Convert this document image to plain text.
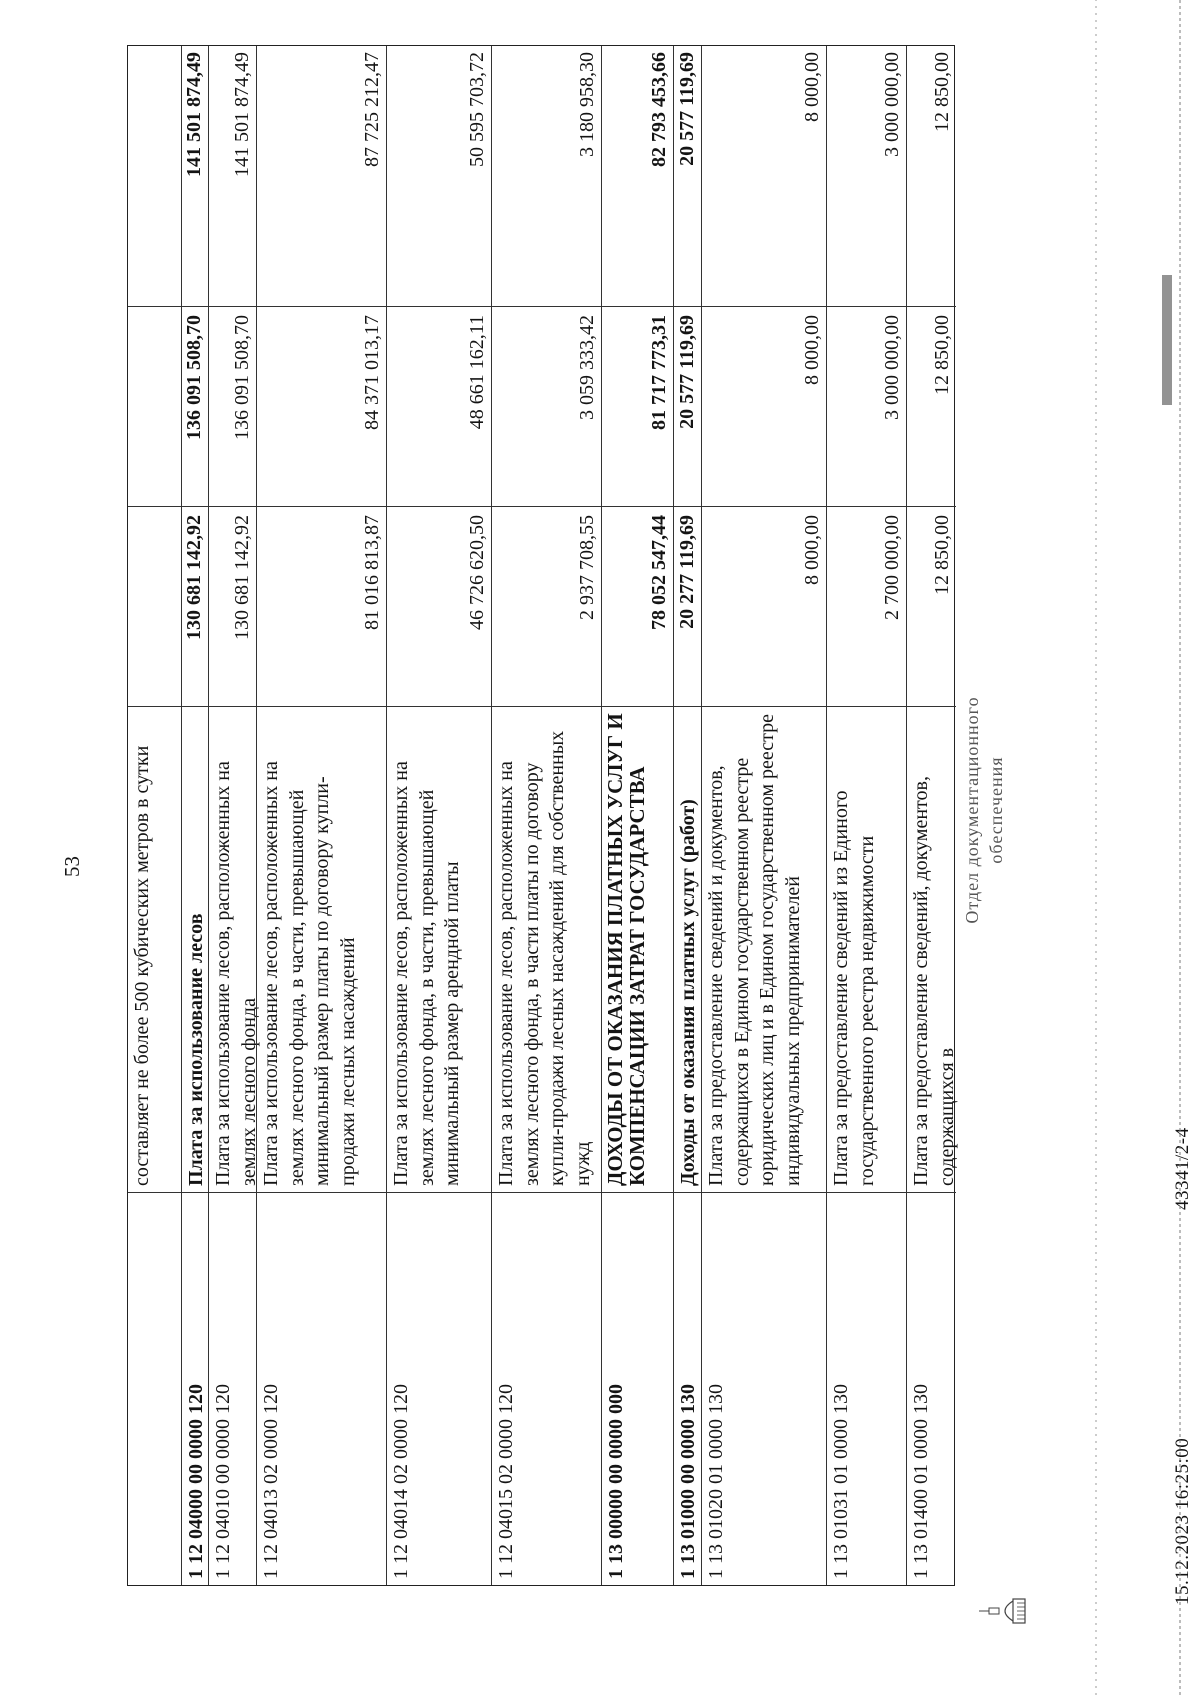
53 составляет не более 500 кубических метров в сутки
1 12 04000 00 0000 120
Плата за использование лесов
130 681 142,92
136 091 508,70
141 501 874,49
1 12 04010 00 0000 120
Плата за использование лесов, расположенных на землях лесного фонда
130 681 142,92
136 091 508,70
141 501 874,49
1 12 04013 02 0000 120
Плата за использование лесов, расположенных на землях лесного фонда, в части, превышающей минимальный размер платы по договору купли-продажи лесных насаждений
81 016 813,87
84 371 013,17
87 725 212,47
1 12 04014 02 0000 120
Плата за использование лесов, расположенных на землях лесного фонда, в части, превышающей минимальный размер арендной платы
46 726 620,50
48 661 162,11
50 595 703,72
1 12 04015 02 0000 120
Плата за использование лесов, расположенных на землях лесного фонда, в части платы по договору купли-продажи лесных насаждений для собственных нужд
2 937 708,55
3 059 333,42
3 180 958,30
1 13 00000 00 0000 000
ДОХОДЫ ОТ ОКАЗАНИЯ ПЛАТНЫХ УСЛУГ И КОМПЕНСАЦИИ ЗАТРАТ ГОСУДАРСТВА
78 052 547,44
81 717 773,31
82 793 453,66
1 13 01000 00 0000 130
Доходы от оказания платных услуг (работ)
20 277 119,69
20 577 119,69
20 577 119,69
1 13 01020 01 0000 130
Плата за предоставление сведений и документов, содержащихся в Едином государственном реестре юридических лиц и в Едином государственном реестре индивидуальных предпринимателей
8 000,00
8 000,00
8 000,00
1 13 01031 01 0000 130
Плата за предоставление сведений из Единого государственного реестра недвижимости
2 700 000,00
3 000 000,00
3 000 000,00
1 13 01400 01 0000 130
Плата за предоставление сведений, документов, содержащихся в
12 850,00
12 850,00
12 850,00
15.12.2023 16:25:00
43341/2-4
Отдел документационного обеспечения
